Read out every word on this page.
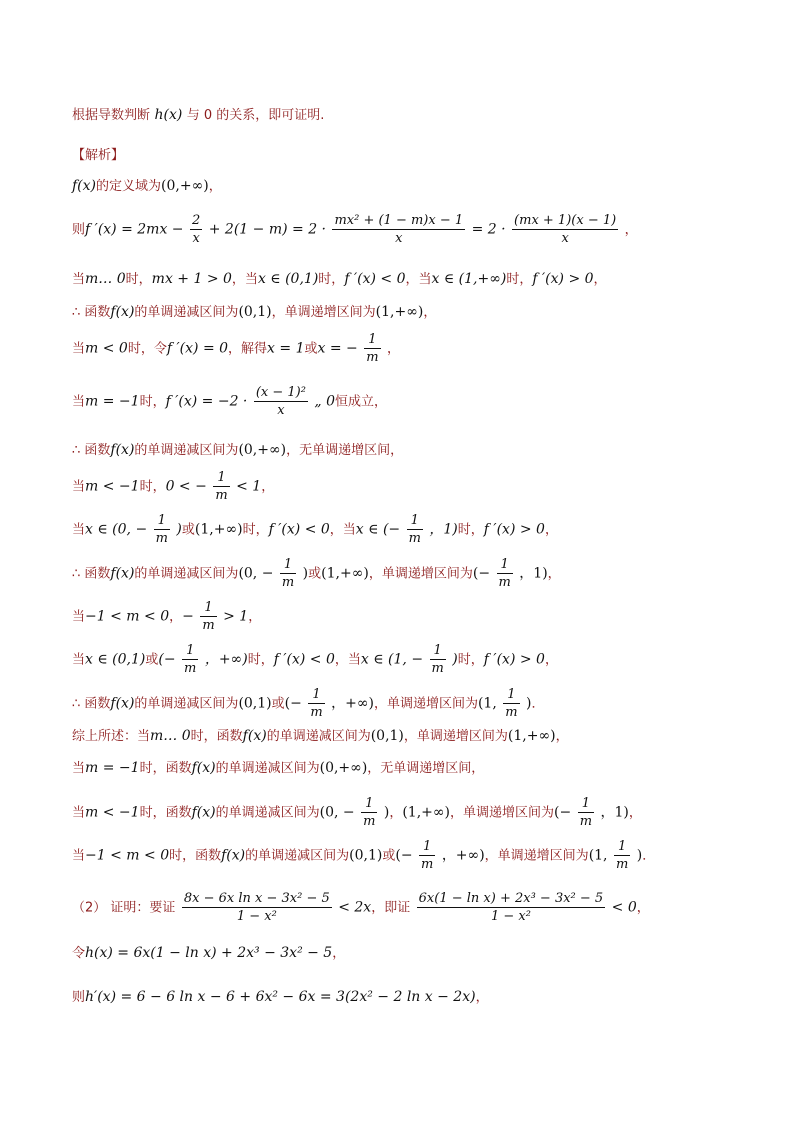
根据导数判断 h(x) 与 0 的关系，即可证明.
【解析】
f(x)的定义域为(0,+∞)，
则f $'(x) = 2mx - \frac{2}{x} + 2(1 - m) = 2 \cdot \frac{\text{mx² + (1 − m)x − 1}}{x} = 2 \cdot \frac{(mx + 1)(x - 1)}{x}$ ，
当m… 0时，mx + 1 > 0，当x ∈ (0,1)时，f ′(x) < 0，当x ∈ (1,+∞)时，f ′(x) > 0，
∴ 函数f(x)的单调递减区间为(0,1)，单调递增区间为(1,+∞)，
当m < 0时，令f ′(x) = 0，解得x = 1或x = − $\frac{1}{m}$ ，
当m = −1时，f $'(x) = -2 \cdot \frac{\text{(x − 1)²}}{x}$ „ 0恒成立，
∴ 函数f(x)的单调递减区间为(0,+∞)，无单调递增区间，
当m < −1时，0 < − $\frac{1}{m} < 1$，
当x ∈ (0, − $\frac{1}{m}$ )或(1,+∞)时，f ′(x) < 0，当x ∈ (− $\frac{1}{m}$ ，1)时，f ′(x) > 0，
∴ 函数f(x)的单调递减区间为(0, − $\frac{1}{m}$ )或(1,+∞)，单调递增区间为(− $\frac{1}{m}$ ，1)，
当−1 < m < 0，− $\frac{1}{m} > 1$，
当x ∈ (0,1)或(− $\frac{1}{m}$ ，+∞)时，f ′(x) < 0，当x ∈ (1, − $\frac{1}{m}$ )时，f ′(x) > 0，
∴ 函数f(x)的单调递减区间为(0,1)或(− $\frac{1}{m}$ ，+∞)，单调递增区间为(1, $\frac{1}{m}$ )．
综上所述：当m… 0时，函数f(x)的单调递减区间为(0,1)，单调递增区间为(1,+∞)，
当m = −1时，函数f(x)的单调递减区间为(0,+∞)，无单调递增区间，
当m < −1时，函数f(x)的单调递减区间为(0, − $\frac{1}{m}$ )，(1,+∞)，单调递增区间为(− $\frac{1}{m}$ ，1)，
当−1 < m < 0时，函数f(x)的单调递减区间为(0,1)或(− $\frac{1}{m}$ ，+∞)，单调递增区间为(1, $\frac{1}{m}$ )．
（2） 证明：要证 $\frac{\text{8x − 6x ln x − 3x² − 5}}{\text{1 − x²}} < 2x$，即证 $\frac{\text{6x(1 − ln x) + 2x³ − 3x² − 5}}{\text{1 − x²}} < 0$，
令h(x) = 6x(1 − ln x) + 2x³ − 3x² − 5，
则h′(x) = 6 − 6 ln x − 6 + 6x² − 6x = 3(2x² − 2 ln x − 2x)，
